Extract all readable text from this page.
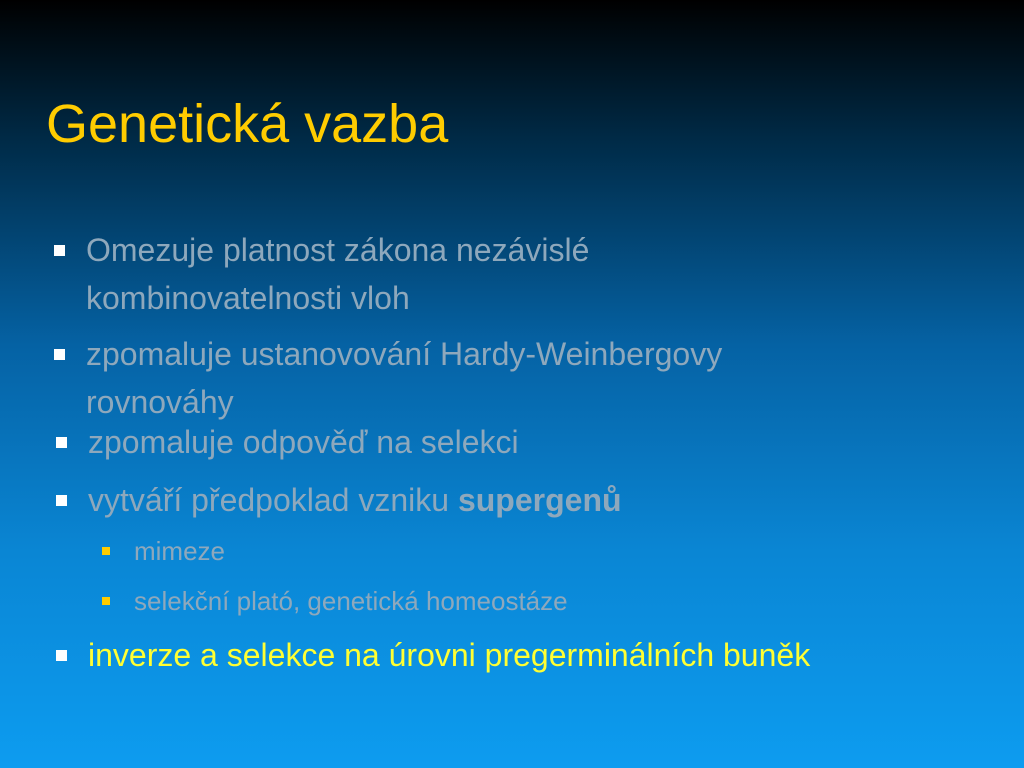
Genetická vazba
Omezuje platnost zákona nezávislé
kombinovatelnosti vloh
zpomaluje ustanovování Hardy-Weinbergovy
rovnováhy
zpomaluje odpověď na selekci
vytváří předpoklad vzniku supergenů
mimeze
selekční plató, genetická homeostáze
inverze a selekce na úrovni pregerminálních buněk
